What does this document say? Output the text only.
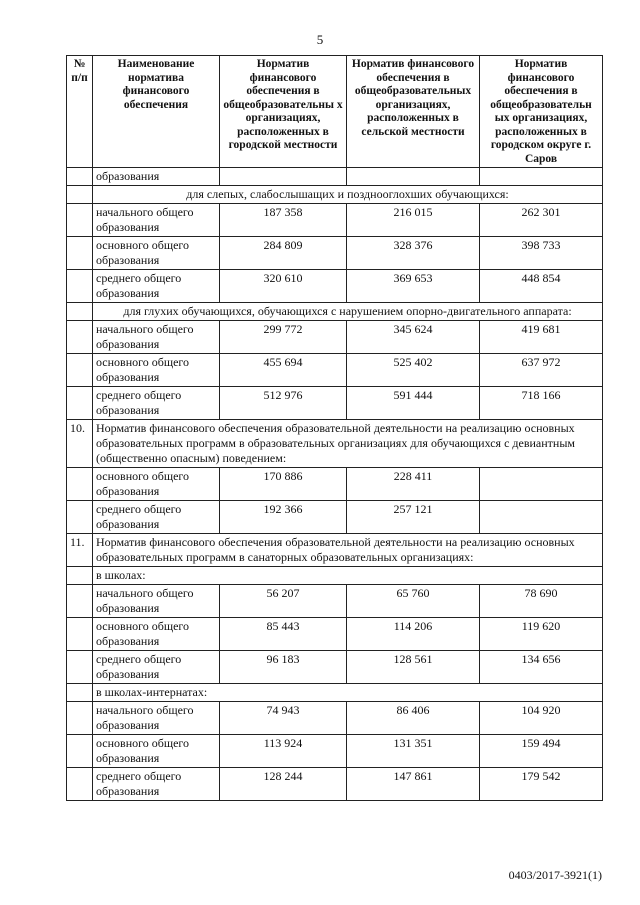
5
№ п/п	Наименование норматива финансового обеспечения	Норматив финансового обеспечения в общеобразовательны х организациях, расположенных в городской местности	Норматив финансового обеспечения в общеобразовательных организациях, расположенных в сельской местности	Норматив финансового обеспечения в общеобразовательн ых организациях, расположенных в городском округе г. Саров
	образования			
	для слепых, слабослышащих и позднооглохших обучающихся:			
	начального общего образования	187 358	216 015	262 301
	основного общего образования	284 809	328 376	398 733
	среднего общего образования	320 610	369 653	448 854
	для глухих обучающихся, обучающихся с нарушением опорно-двигательного аппарата:			
	начального общего образования	299 772	345 624	419 681
	основного общего образования	455 694	525 402	637 972
	среднего общего образования	512 976	591 444	718 166
10.	Норматив финансового обеспечения образовательной деятельности на реализацию основных образовательных программ в образовательных организациях для обучающихся с девиантным (общественно опасным) поведением:			
	основного общего образования	170 886	228 411	
	среднего общего образования	192 366	257 121	
11.	Норматив финансового обеспечения образовательной деятельности на реализацию основных образовательных программ в санаторных образовательных организациях:			
	в школах:			
	начального общего образования	56 207	65 760	78 690
	основного общего образования	85 443	114 206	119 620
	среднего общего образования	96 183	128 561	134 656
	в школах-интернатах:			
	начального общего образования	74 943	86 406	104 920
	основного общего образования	113 924	131 351	159 494
	среднего общего образования	128 244	147 861	179 542
0403/2017-3921(1)
